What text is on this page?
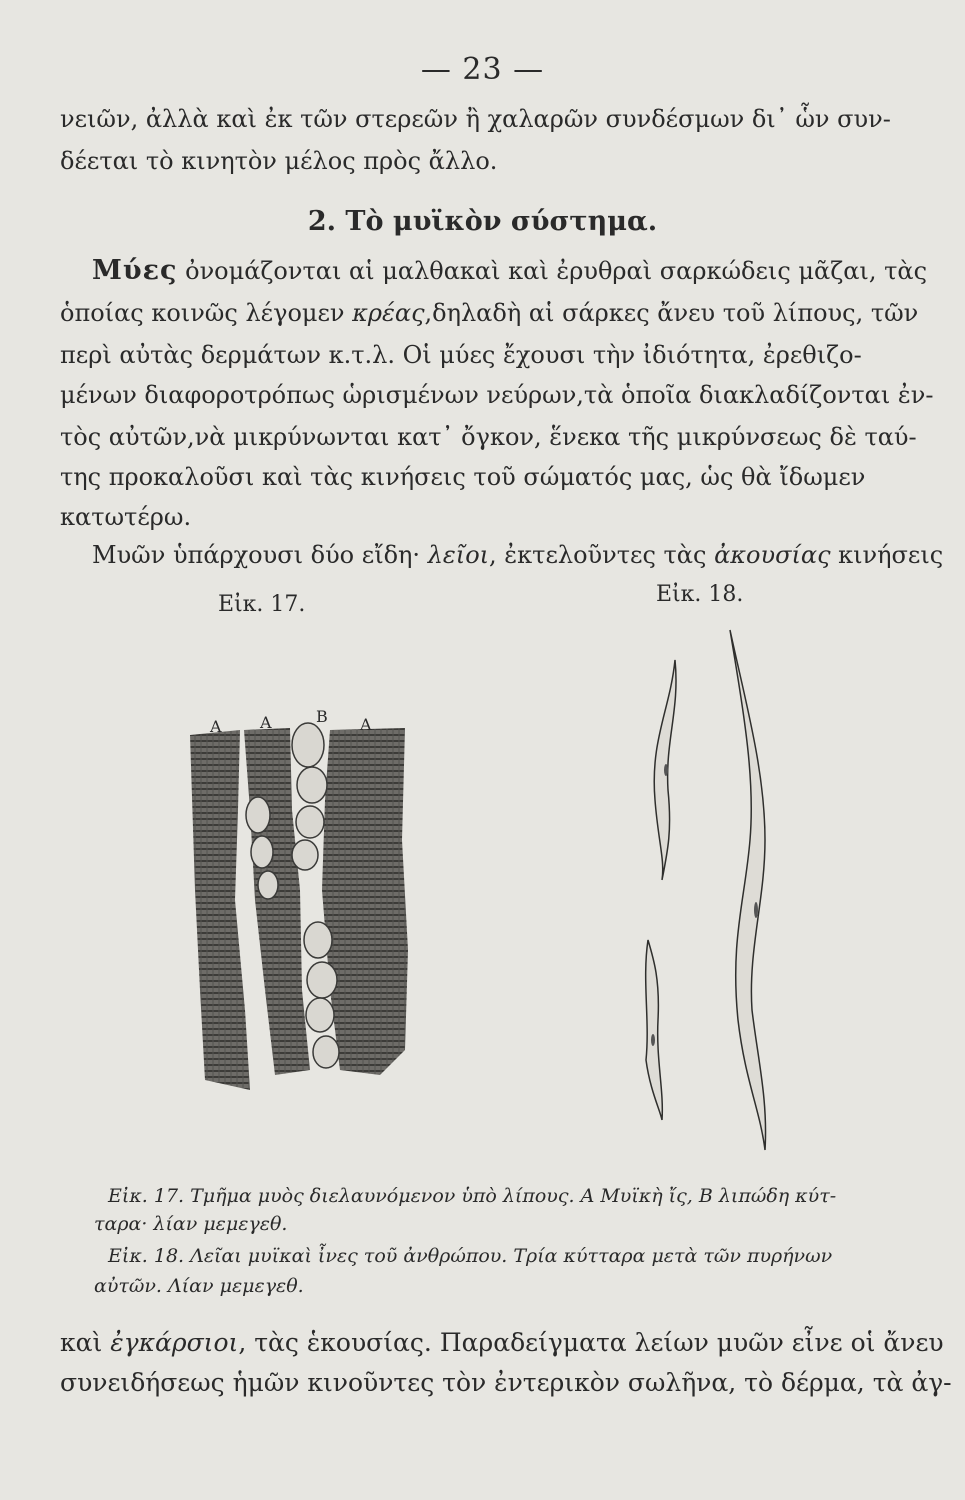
— 23 —
νειῶν, ἀλλὰ καὶ ἐκ τῶν στερεῶν ἢ χαλαρῶν συνδέσμων δι᾽ ὧν συν-
δέεται τὸ κινητὸν μέλος πρὸς ἄλλο.
2. Τὸ μυϊκὸν σύστημα.
Μύες ὀνομάζονται αἱ μαλθακαὶ καὶ ἐρυθραὶ σαρκώδεις μᾶζαι, τὰς
ὁποίας κοινῶς λέγομεν κρέας,δηλαδὴ αἱ σάρκες ἄνευ τοῦ λίπους, τῶν
περὶ αὐτὰς δερμάτων κ.τ.λ. Οἱ μύες ἔχουσι τὴν ἰδιότητα, ἐρεθιζο-
μένων διαφοροτρόπως ὡρισμένων νεύρων,τὰ ὁποῖα διακλαδίζονται ἐν-
τὸς αὐτῶν,νὰ μικρύνωνται κατ᾽ ὄγκον, ἕνεκα τῆς μικρύνσεως δὲ ταύ-
της προκαλοῦσι καὶ τὰς κινήσεις τοῦ σώματός μας, ὡς θὰ ἴδωμεν
κατωτέρω.
Μυῶν ὑπάρχουσι δύο εἴδη· λεῖοι, ἐκτελοῦντες τὰς ἀκουσίας κινήσεις
Εἰκ. 17.	Εἰκ. 18.
A A	B A
Εἰκ. 17. Τμῆμα μυὸς διελαυνόμενον ὑπὸ λίπους. Α Μυϊκὴ ἴς, Β λιπώδη κύτ-
ταρα· λίαν μεμεγεθ.
Εἰκ. 18. Λεῖαι μυϊκαὶ ἶνες τοῦ ἀνθρώπου. Τρία κύτταρα μετὰ τῶν πυρήνων
αὐτῶν. Λίαν μεμεγεθ.
καὶ ἐγκάρσιοι, τὰς ἑκουσίας. Παραδείγματα λείων μυῶν εἶνε οἱ ἄνευ
συνειδήσεως ἡμῶν κινοῦντες τὸν ἐντερικὸν σωλῆνα, τὸ δέρμα, τὰ ἀγ-
